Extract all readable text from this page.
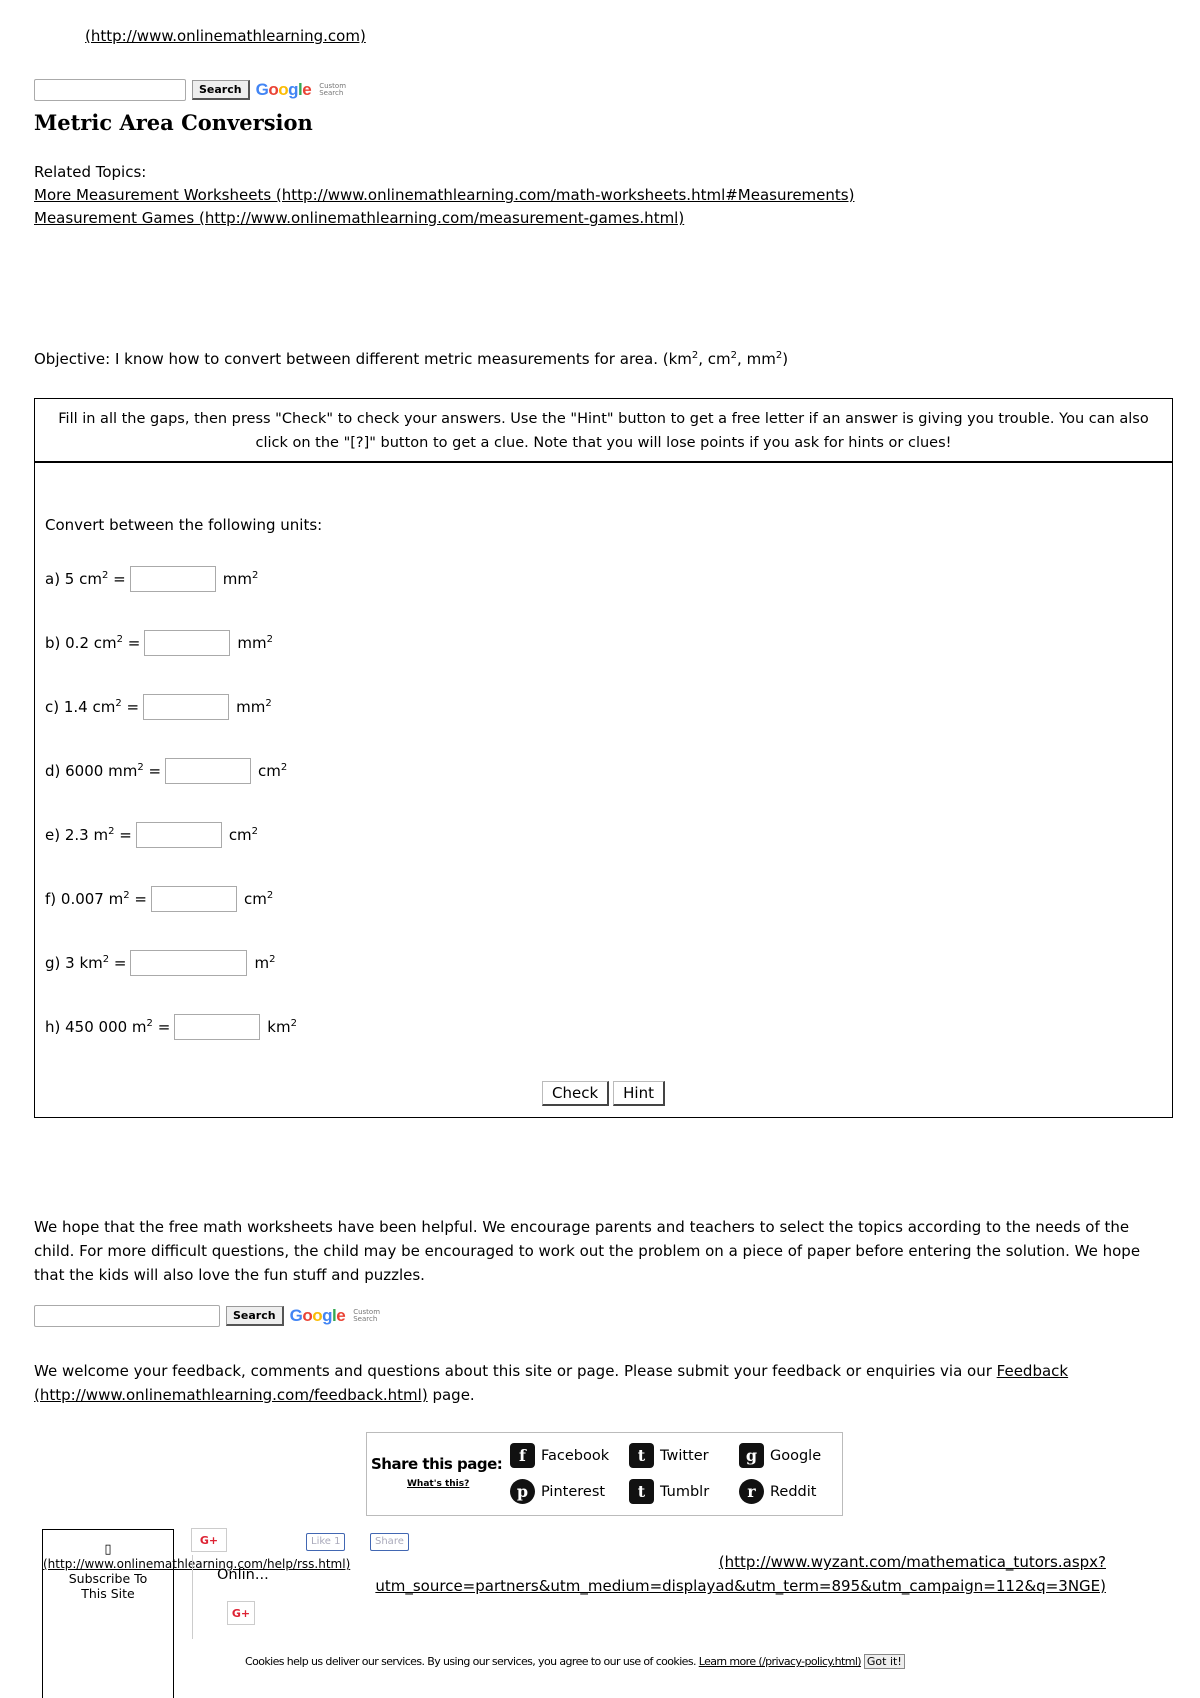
(http://www.onlinemathlearning.com)
Search Google Custom Search
Metric Area Conversion
Related Topics:
More Measurement Worksheets (http://www.onlinemathlearning.com/math-worksheets.html#Measurements)
Measurement Games (http://www.onlinemathlearning.com/measurement-games.html)
Objective: I know how to convert between different metric measurements for area. ($km^2$, $cm^2$, $mm^2$)
Fill in all the gaps, then press "Check" to check your answers. Use the "Hint" button to get a free letter if an answer is giving you trouble. You can also click on the "[?]" button to get a clue. Note that you will lose points if you ask for hints or clues!
Convert between the following units:
a) 5 $cm^2$ =	$mm^2$
b) 0.2 $cm^2$ =	$mm^2$
c) 1.4 $cm^2$ =	$mm^2$
d) 6000 $mm^2$ =	$cm^2$
e) 2.3 $m^2$ =	$cm^2$
f) 0.007 $m^2$ =	$cm^2$
g) 3 $km^2$ =	$m^2$
h) 450 000 $m^2$ =	$km^2$
Check	Hint
We hope that the free math worksheets have been helpful. We encourage parents and teachers to select the topics according to the needs of the child. For more difficult questions, the child may be encouraged to work out the problem on a piece of paper before entering the solution. We hope that the kids will also love the fun stuff and puzzles.
Search Google Custom Search
We welcome your feedback, comments and questions about this site or page. Please submit your feedback or enquiries via our Feedback (http://www.onlinemathlearning.com/feedback.html) page.
Share this page:
What's this?
f	Facebook	t	Twitter	g Google
p Pinterest	t	Tumblr	r Reddit
▯
(http://www.onlinemathlearning.com/help/rss.html)
Subscribe To This Site
G+
Onlin...
G+
Like 1	Share
(http://www.wyzant.com/mathematica_tutors.aspx?utm_source=partners&utm_medium=displayad&utm_term=895&utm_campaign=112&q=3NGE)
Cookies help us deliver our services. By using our services, you agree to our use of cookies. Learn more (/privacy-policy.html) Got it!
